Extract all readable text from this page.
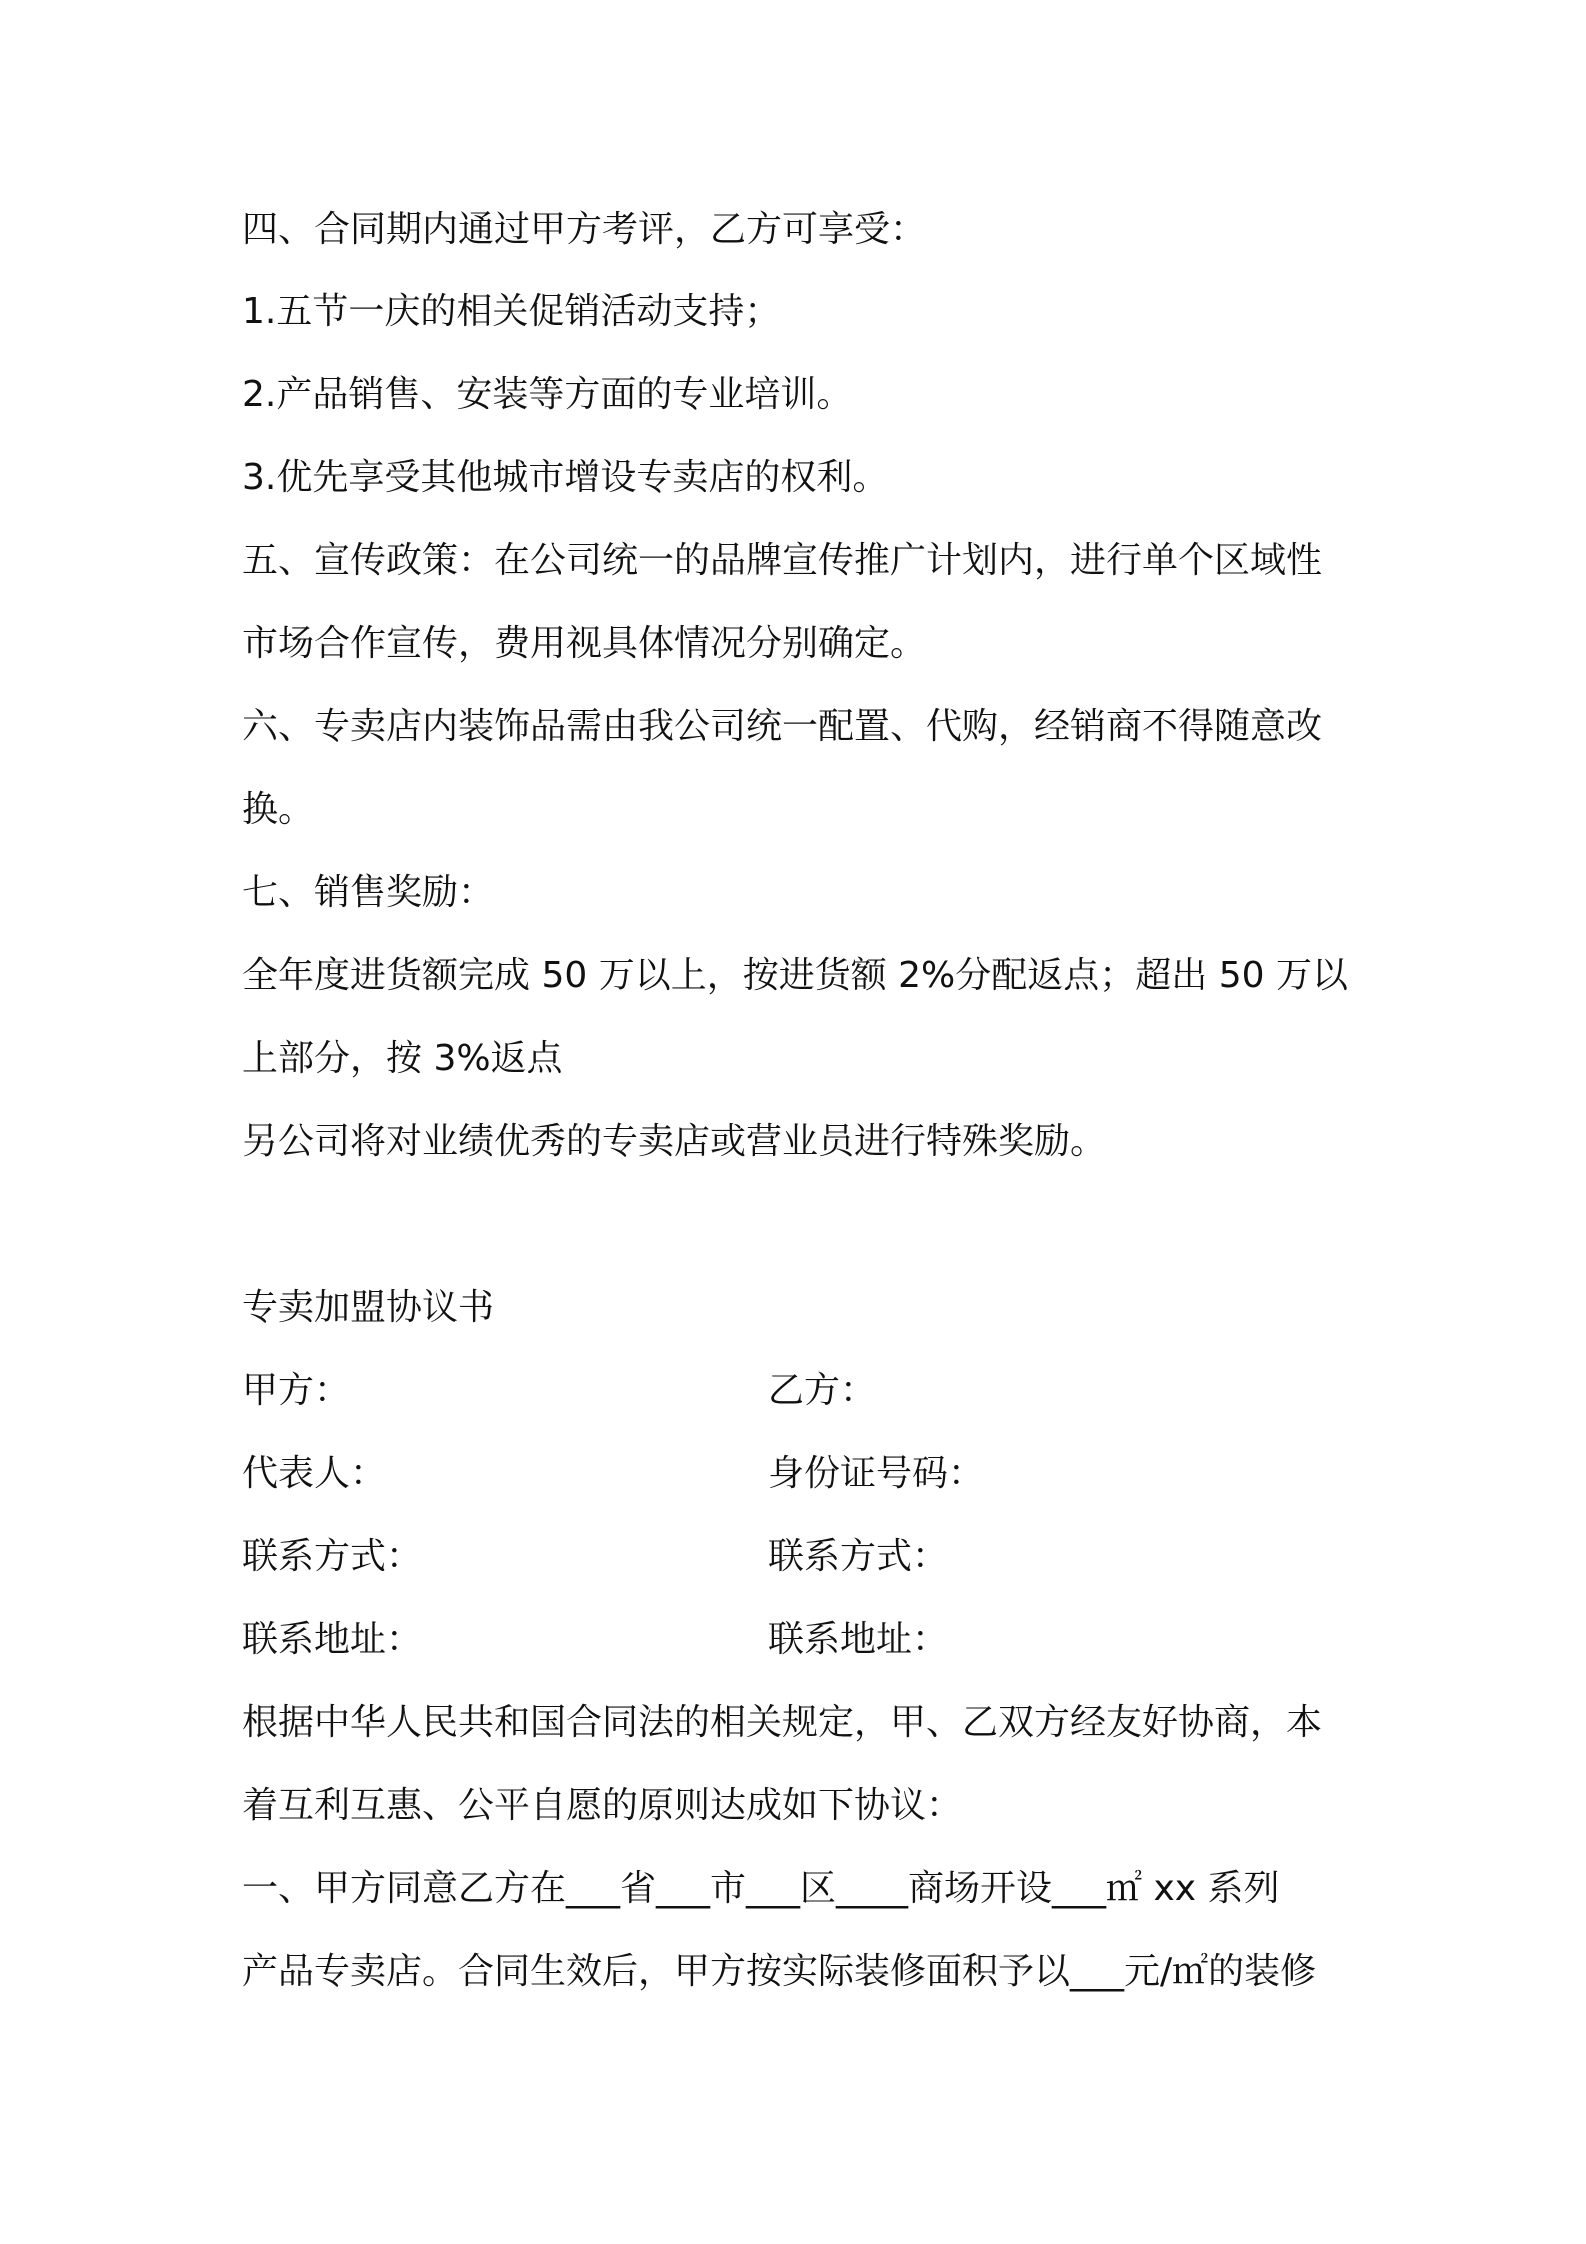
四、合同期内通过甲方考评，乙方可享受：
1.五节一庆的相关促销活动支持；
2.产品销售、安装等方面的专业培训。
3.优先享受其他城市增设专卖店的权利。
五、宣传政策：在公司统一的品牌宣传推广计划内，进行单个区域性
市场合作宣传，费用视具体情况分别确定。
六、专卖店内装饰品需由我公司统一配置、代购，经销商不得随意改
换。
七、销售奖励：
全年度进货额完成 50 万以上，按进货额 2%分配返点；超出 50 万以
上部分，按 3%返点
另公司将对业绩优秀的专卖店或营业员进行特殊奖励。
专卖加盟协议书
甲方：	乙方：
代表人：	身份证号码：
联系方式：	联系方式：
联系地址：	联系地址：
根据中华人民共和国合同法的相关规定，甲、乙双方经友好协商，本
着互利互惠、公平自愿的原则达成如下协议：
一、甲方同意乙方在___省___市___区____商场开设___㎡ xx 系列
产品专卖店。合同生效后，甲方按实际装修面积予以___元/㎡的装修
